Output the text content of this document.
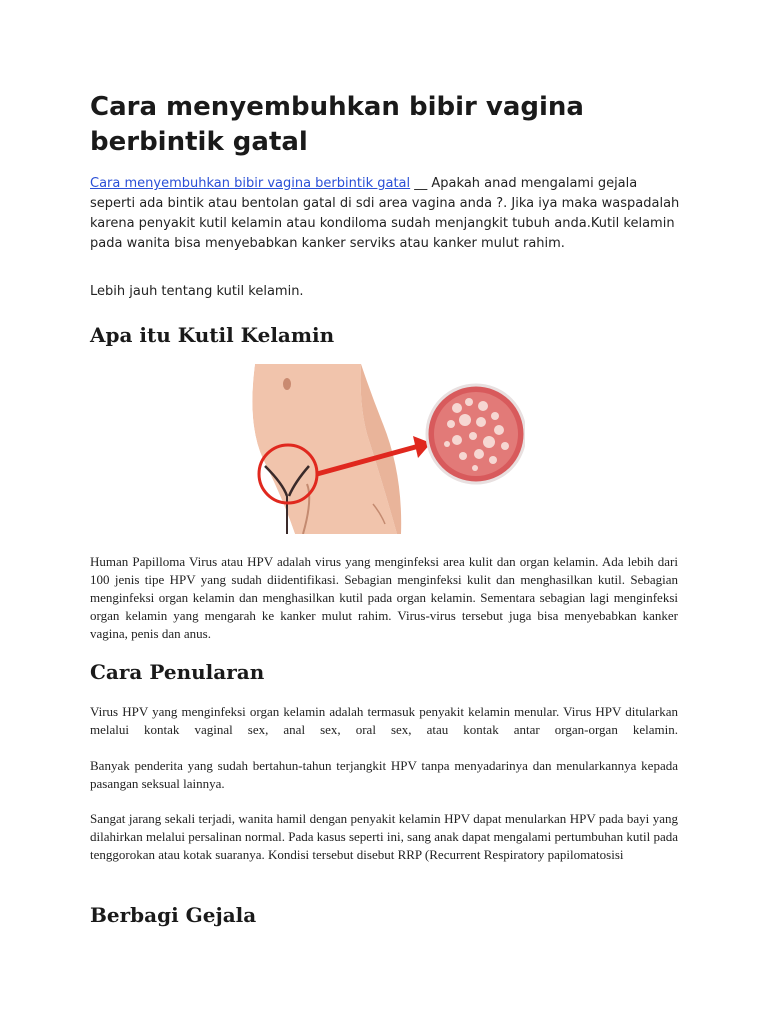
Cara menyembuhkan bibir vagina berbintik gatal

Cara menyembuhkan bibir vagina berbintik gatal __ Apakah anad mengalami gejala seperti ada bintik atau bentolan gatal di sdi area vagina anda ?. Jika iya maka waspadalah karena penyakit kutil kelamin atau kondiloma sudah menjangkit tubuh anda.Kutil kelamin pada wanita bisa menyebabkan kanker serviks atau kanker mulut rahim.

Lebih jauh tentang kutil kelamin.

Apa itu Kutil Kelamin

Human Papilloma Virus atau HPV adalah virus yang menginfeksi area kulit dan organ kelamin. Ada lebih dari 100 jenis tipe HPV yang sudah diidentifikasi. Sebagian menginfeksi kulit dan menghasilkan kutil. Sebagian menginfeksi organ kelamin dan menghasilkan kutil pada organ kelamin. Sementara sebagian lagi menginfeksi organ kelamin yang mengarah ke kanker mulut rahim. Virus-virus tersebut juga bisa menyebabkan kanker vagina, penis dan anus.

Cara Penularan

Virus HPV yang menginfeksi organ kelamin adalah termasuk penyakit kelamin menular. Virus HPV ditularkan melalui kontak vaginal sex, anal sex, oral sex, atau kontak antar organ-organ kelamin.

Banyak penderita yang sudah bertahun-tahun terjangkit HPV tanpa menyadarinya dan menularkannya kepada pasangan seksual lainnya.

Sangat jarang sekali terjadi, wanita hamil dengan penyakit kelamin HPV dapat menularkan HPV pada bayi yang dilahirkan melalui persalinan normal. Pada kasus seperti ini, sang anak dapat mengalami pertumbuhan kutil pada tenggorokan atau kotak suaranya. Kondisi tersebut disebut RRP (Recurrent Respiratory papilomatosisi

Berbagi Gejala
